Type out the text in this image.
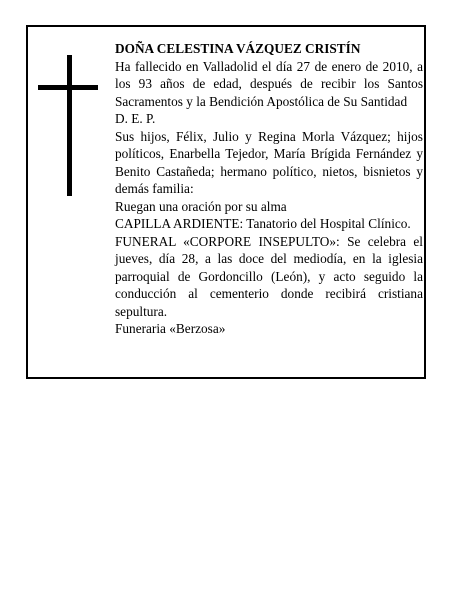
DOÑA CELESTINA VÁZQUEZ CRISTÍN

Ha fallecido en Valladolid el día 27 de enero de 2010, a los 93 años de edad, después de recibir los Santos Sacramentos y la Bendición Apostólica de Su Santidad

D. E. P.

Sus hijos, Félix, Julio y Regina Morla Vázquez; hijos políticos, Enarbella Tejedor, María Brígida Fernández y Benito Castañeda; hermano político, nietos, bisnietos y demás familia:

Ruegan una oración por su alma

CAPILLA ARDIENTE: Tanatorio del Hospital Clínico.

FUNERAL «CORPORE INSEPULTO»: Se celebra el jueves, día 28, a las doce del mediodía, en la iglesia parroquial de Gordoncillo (León), y acto seguido la conducción al cementerio donde recibirá cristiana sepultura.

Funeraria «Berzosa»
